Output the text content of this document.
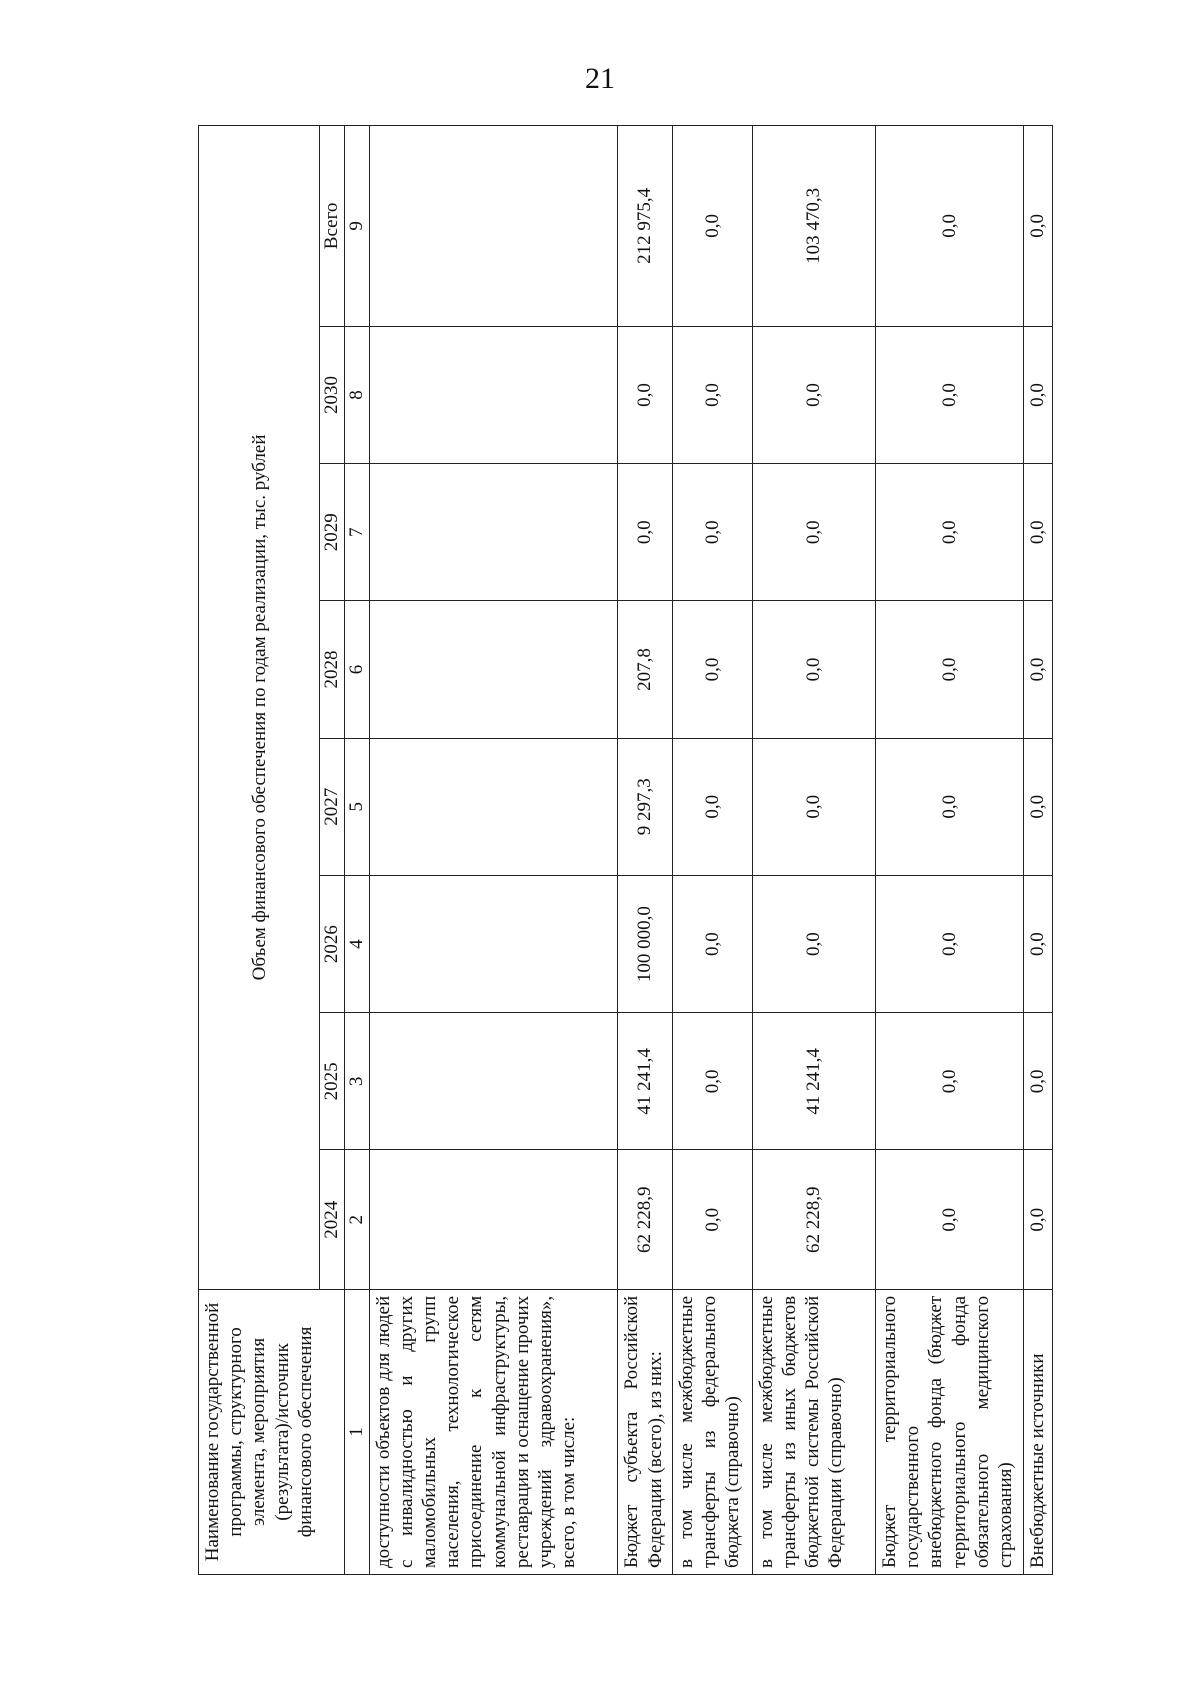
21
Наименование государственной программы, структурного элемента, мероприятия (результата)/источник финансового обеспечения	Объем финансового обеспечения по годам реализации, тыс. рублей							
	2024	2025	2026	2027	2028	2029	2030	Всего
1	2	3	4	5	6	7	8	9
доступности объектов для людей с инвалидностью и других маломобильных групп населения, технологическое присоединение к сетям коммунальной инфраструктуры, реставрация и оснащение прочих учреждений здравоохранения», всего, в том числе:								
Бюджет субъекта Российской Федерации (всего), из них:	62 228,9	41 241,4	100 000,0	9 297,3	207,8	0,0	0,0	212 975,4
в том числе межбюджетные трансферты из федерального бюджета (справочно)	0,0	0,0	0,0	0,0	0,0	0,0	0,0	0,0
в том числе межбюджетные трансферты из иных бюджетов бюджетной системы Российской Федерации (справочно)	62 228,9	41 241,4	0,0	0,0	0,0	0,0	0,0	103 470,3
Бюджет территориального государственного внебюджетного фонда (бюджет территориального фонда обязательного медицинского страхования)	0,0	0,0	0,0	0,0	0,0	0,0	0,0	0,0
Внебюджетные источники	0,0	0,0	0,0	0,0	0,0	0,0	0,0	0,0
